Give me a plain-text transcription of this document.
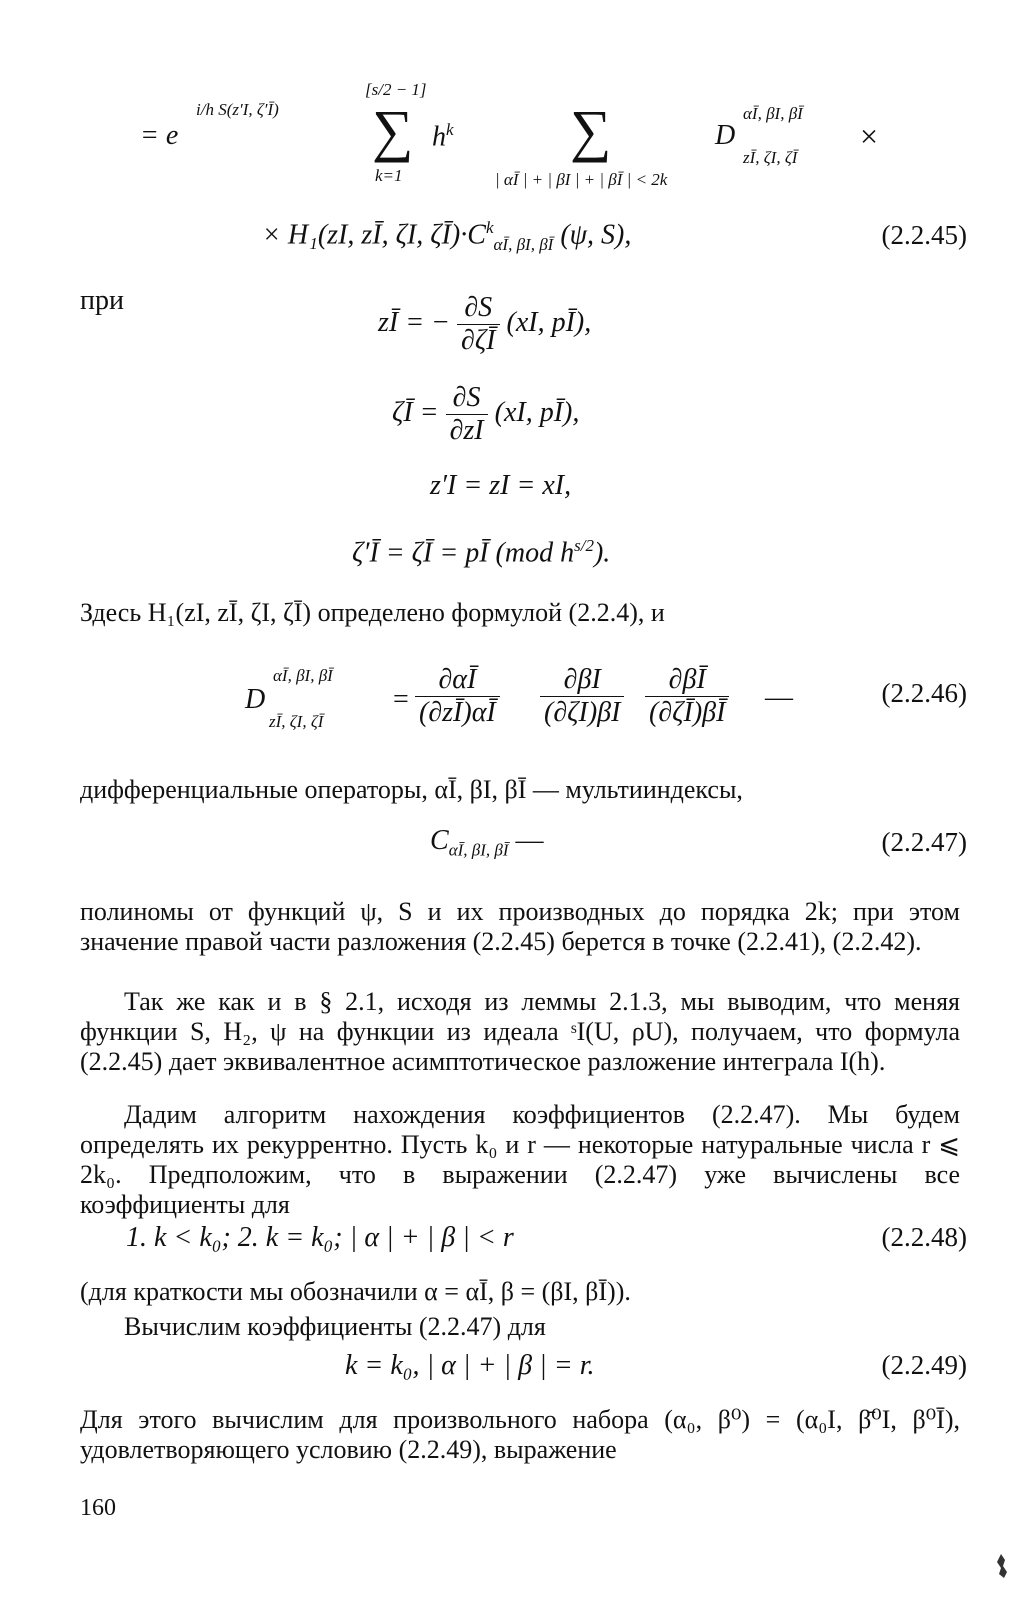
= e
i/h S(z′I, ζ′Ī)
[s/2 − 1]
∑
k=1
$h^k$ ∑
| αĪ | + | βI | + | βĪ | < 2k
D
αĪ, βI, βĪ
zĪ, ζI, ζĪ
×
× H₁(zI, zĪ, ζI, $\zeta Ī)\cdot C^k_{\alpha Ī, \beta I, \beta Ī}$ (ψ, S),	(2.2.45)
при
zĪ = − $\frac{\partial S}{\partial\zeta Ī} (xI$, pĪ),
ζĪ = $\frac{\partial S}{\partial zI} (xI$, pĪ),
z′I = zI = xI,
ζ′Ī = ζĪ = pĪ (mod $h^{s/2}$).
Здесь H₁(zI, zĪ, ζI, ζĪ) определено формулой (2.2.4), и
D
αĪ, βI, βĪ
zĪ, ζI, ζĪ
= $\frac{\partial\alpha Ī}{(\partial zĪ)\alpha Ī} \frac{\partial\beta I}{(\partial\zeta I)\beta I} \frac{\partial\beta Ī}{(\partial\zeta Ī)\beta Ī}$ —	(2.2.46)
дифференциальные операторы, αĪ, βI, βĪ — мультииндексы,
$C_{\alpha Ī, \beta I, \beta Ī}$ —	(2.2.47)
полиномы от функций ψ, S и их производных до порядка 2k; при этом значение правой части разложения (2.2.45) берется в точке (2.2.41), (2.2.42).
Так же как и в § 2.1, исходя из леммы 2.1.3, мы выводим, что меняя функции S, H₂, ψ на функции из идеала ˢI(U, ρU), получаем, что формула (2.2.45) дает эквивалентное асимптотическое разложение интеграла I(h).
Дадим алгоритм нахождения коэффициентов (2.2.47). Мы будем определять их рекуррентно. Пусть k₀ и r — некоторые натуральные числа r ⩽ 2k₀. Предположим, что в выражении (2.2.47) уже вычислены все коэффициенты для
1. k < k₀; 2. k = k₀; | α | + | β | < r	(2.2.48)
(для краткости мы обозначили α = αĪ, β = (βI, βĪ)).
Вычислим коэффициенты (2.2.47) для
k = k₀, | α | + | β | = r.	(2.2.49)
Для этого вычислим для произвольного набора (α₀, β⁰) = (α₀I, β̄⁰I, β⁰Ī), удовлетворяющего условию (2.2.49), выражение
160
